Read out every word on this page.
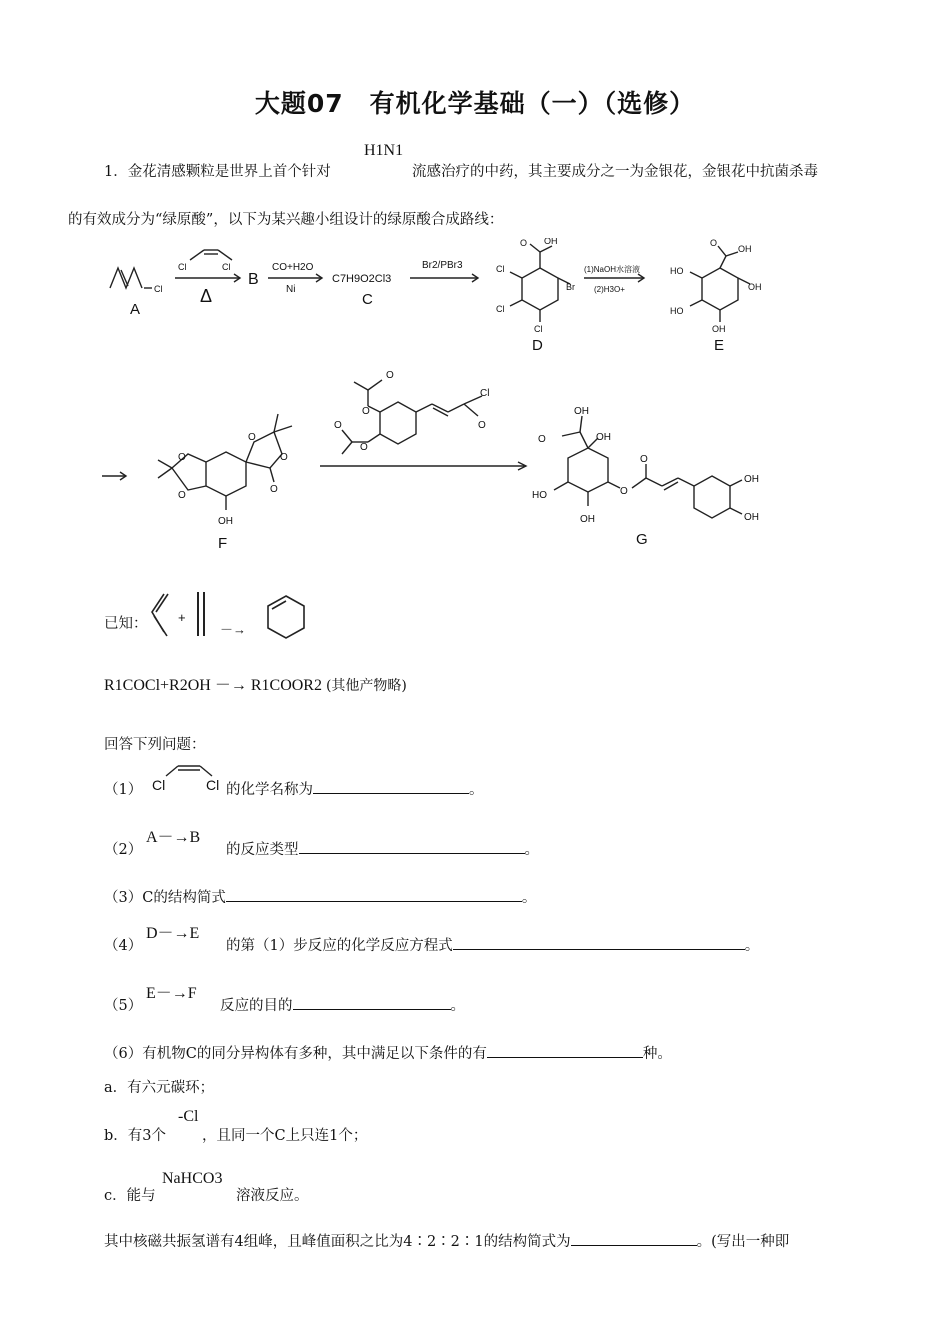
大题07　有机化学基础（一）（选修）
1．金花清感颗粒是世界上首个针对
H1N1
流感治疗的中药，其主要成分之一为金银花，金银花中抗菌杀毒
的有效成分为“绿原酸”，以下为某兴趣小组设计的绿原酸合成路线：
Cl
Cl	Cl
Δ
A
B
CO+H2O
Ni
C7H9O2Cl3
C
Br2/PBr3
OH
O
Br
Cl
Cl
Cl
D
(1)NaOH水溶液
(2)H3O+
OH
O
OH
HO
HO
OH
E
O
O
O
O
O
OH
F
Cl
O
O
O
O
O
OH
O	OH
HO
OH
O
O
OH
OH
G
已知： +
－→
R1COCl+R2OH －→ R1COOR2 (其他产物略)
回答下列问题：
（1） Cl	Cl 的化学名称为	。
（2）
A－→B
的反应类型	。
（3）C的结构简式	。
（4）
D－→E
的第（1）步反应的化学反应方程式	。
（5）
E－→F
反应的目的	。
（6）有机物C的同分异构体有多种，其中满足以下条件的有	种。
a．有六元碳环；
b．有3个
-Cl
，且同一个C上只连1个；
c．能与
NaHCO3
溶液反应。
其中核磁共振氢谱有4组峰，且峰值面积之比为4∶2∶2∶1的结构简式为	。(写出一种即
